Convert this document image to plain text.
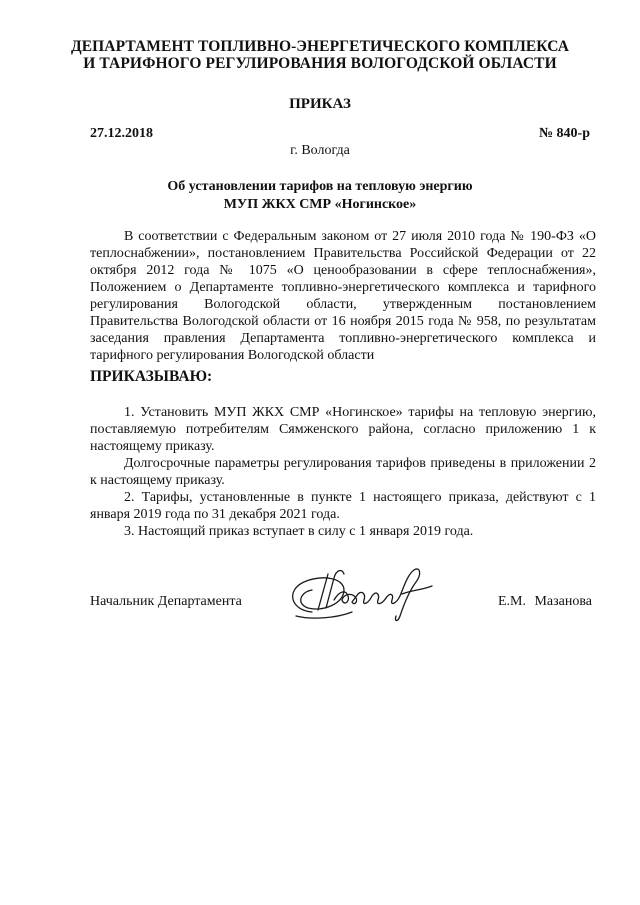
ДЕПАРТАМЕНТ ТОПЛИВНО-ЭНЕРГЕТИЧЕСКОГО КОМПЛЕКСА
И ТАРИФНОГО РЕГУЛИРОВАНИЯ ВОЛОГОДСКОЙ ОБЛАСТИ
ПРИКАЗ
27.12.2018	№ 840-р
г. Вологда
Об установлении тарифов на тепловую энергию
МУП ЖКХ СМР «Ногинское»
В соответствии с Федеральным законом от 27 июля 2010 года № 190-ФЗ «О теплоснабжении», постановлением Правительства Российской Федерации от 22 октября 2012 года № 1075 «О ценообразовании в сфере теплоснабжения», Положением о Департаменте топливно-энергетического комплекса и тарифного регулирования Вологодской области, утвержденным постановлением Правительства Вологодской области от 16 ноября 2015 года № 958, по результатам заседания правления Департамента топливно-энергетического комплекса и тарифного регулирования Вологодской области
ПРИКАЗЫВАЮ:

1. Установить МУП ЖКХ СМР «Ногинское» тарифы на тепловую энергию, поставляемую потребителям Сямженского района, согласно приложению 1 к настоящему приказу.

Долгосрочные параметры регулирования тарифов приведены в приложении 2 к настоящему приказу.

2. Тарифы, установленные в пункте 1 настоящего приказа, действуют с 1 января 2019 года по 31 декабря 2021 года.

3. Настоящий приказ вступает в силу с 1 января 2019 года.

Начальник Департамента	Е.М. Мазанова
